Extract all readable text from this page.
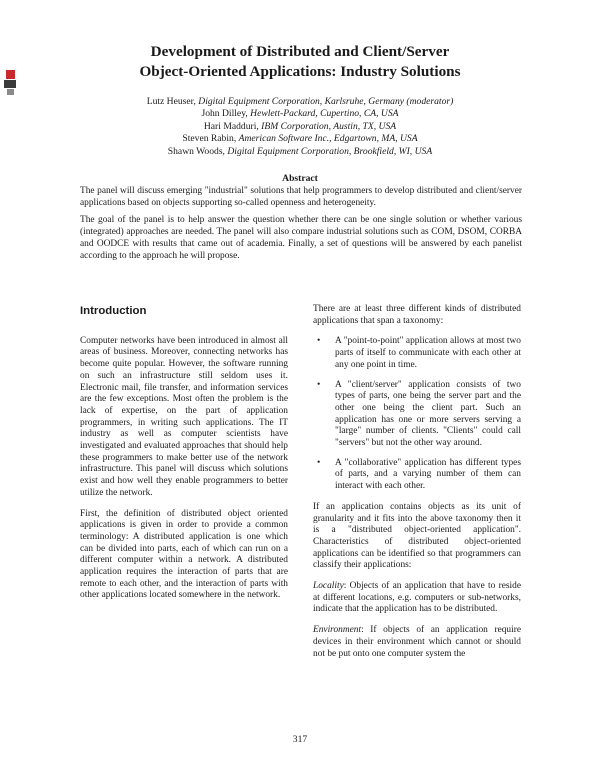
Development of Distributed and Client/Server
Object-Oriented Applications: Industry Solutions
Lutz Heuser, Digital Equipment Corporation, Karlsruhe, Germany (moderator)
John Dilley, Hewlett-Packard, Cupertino, CA, USA
Hari Madduri, IBM Corporation, Austin, TX, USA
Steven Rabin, American Software Inc., Edgartown, MA, USA
Shawn Woods, Digital Equipment Corporation, Brookfield, WI, USA
Abstract

The panel will discuss emerging "industrial" solutions that help programmers to develop distributed and client/server applications based on objects supporting so-called openness and heterogeneity.

The goal of the panel is to help answer the question whether there can be one single solution or whether various (integrated) approaches are needed. The panel will also compare industrial solutions such as COM, DSOM, CORBA and OODCE with results that came out of academia. Finally, a set of questions will be answered by each panelist according to the approach he will propose.

Introduction

Computer networks have been introduced in almost all areas of business. Moreover, connecting networks has become quite popular. However, the software running on such an infrastructure still seldom uses it. Electronic mail, file transfer, and information services are the few exceptions. Most often the problem is the lack of expertise, on the part of application programmers, in writing such applications. The IT industry as well as computer scientists have investigated and evaluated approaches that should help these programmers to make better use of the network infrastructure. This panel will discuss which solutions exist and how well they enable programmers to better utilize the network.

First, the definition of distributed object oriented applications is given in order to provide a common terminology: A distributed application is one which can be divided into parts, each of which can run on a different computer within a network. A distributed application requires the interaction of parts that are remote to each other, and the interaction of parts with other applications located somewhere in the network.

There are at least three different kinds of distributed applications that span a taxonomy:

• A "point-to-point" application allows at most two parts of itself to communicate with each other at any one point in time.
• A "client/server" application consists of two types of parts, one being the server part and the other one being the client part. Such an application has one or more servers serving a "large" number of clients. "Clients" could call "servers" but not the other way around.
• A "collaborative" application has different types of parts, and a varying number of them can interact with each other.

If an application contains objects as its unit of granularity and it fits into the above taxonomy then it is a "distributed object-oriented application". Characteristics of distributed object-oriented applications can be identified so that programmers can classify their applications:

Locality: Objects of an application that have to reside at different locations, e.g. computers or sub-networks, indicate that the application has to be distributed.

Environment: If objects of an application require devices in their environment which cannot or should not be put onto one computer system the

317
